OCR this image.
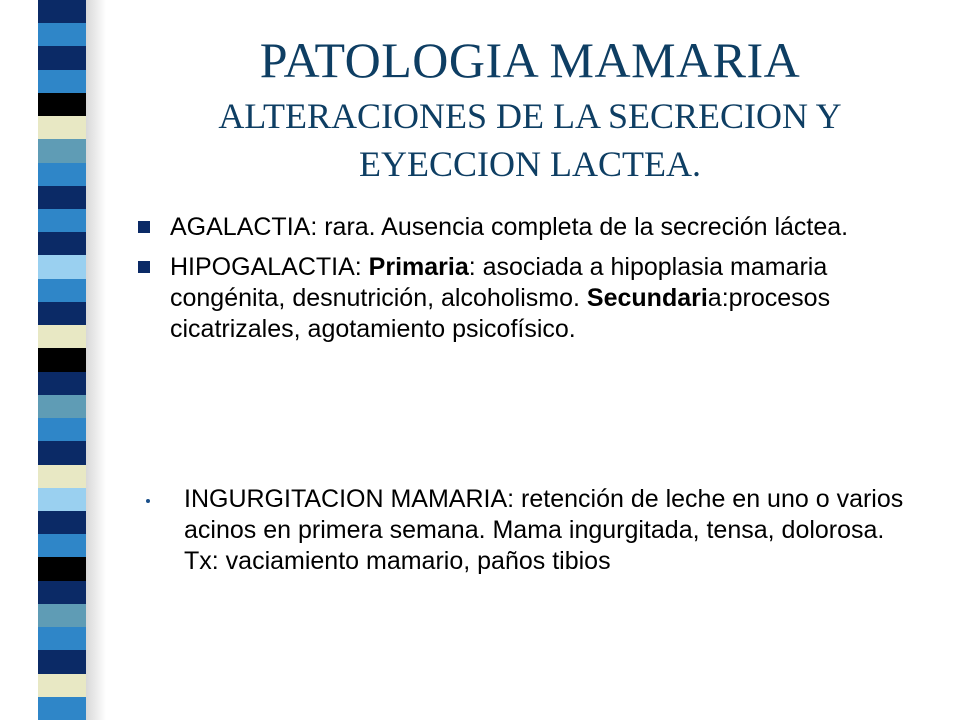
PATOLOGIA MAMARIA
ALTERACIONES DE LA SECRECION Y
EYECCION LACTEA.
AGALACTIA: rara. Ausencia completa de la secreción láctea.
HIPOGALACTIA: Primaria: asociada a hipoplasia mamaria congénita, desnutrición, alcoholismo. Secundaria:procesos cicatrizales, agotamiento psicofísico.
INGURGITACION MAMARIA: retención de leche en uno o varios acinos en primera semana. Mama ingurgitada, tensa, dolorosa. Tx: vaciamiento mamario, paños tibios
